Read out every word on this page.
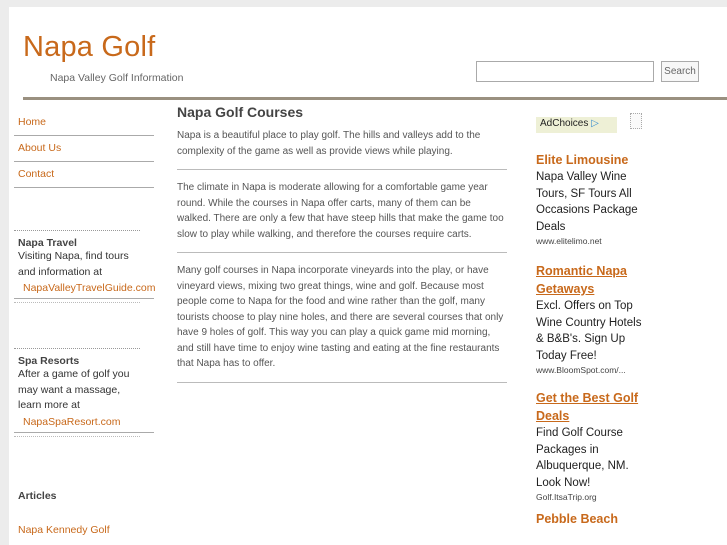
Napa Golf
Napa Valley Golf Information
Search
Home
About Us
Contact
Napa Travel
Visiting Napa, find tours
and information at
NapaValleyTravelGuide.com
Spa Resorts
After a game of golf you
may want a massage,
learn more at
NapaSpaResort.com
Articles
Napa Kennedy Golf
Napa Golf Courses
Napa is a beautiful place to play golf. The hills and valleys add to the complexity of the game as well as provide views while playing.
The climate in Napa is moderate allowing for a comfortable game year round. While the courses in Napa offer carts, many of them can be walked. There are only a few that have steep hills that make the game too slow to play while walking, and therefore the courses require carts.
Many golf courses in Napa incorporate vineyards into the play, or have vineyard views, mixing two great things, wine and golf. Because most people come to Napa for the food and wine rather than the golf, many tourists choose to play nine holes, and there are several courses that only have 9 holes of golf. This way you can play a quick game mid morning, and still have time to enjoy wine tasting and eating at the fine restaurants that Napa has to offer.
AdChoices ▷
Elite Limousine
Napa Valley Wine Tours, SF Tours All Occasions Package Deals
www.elitelimo.net
Romantic Napa Getaways
Excl. Offers on Top Wine Country Hotels & B&B's. Sign Up Today Free!
www.BloomSpot.com/...
Get the Best Golf Deals
Find Golf Course Packages in Albuquerque, NM. Look Now!
Golf.ItsaTrip.org
Pebble Beach
